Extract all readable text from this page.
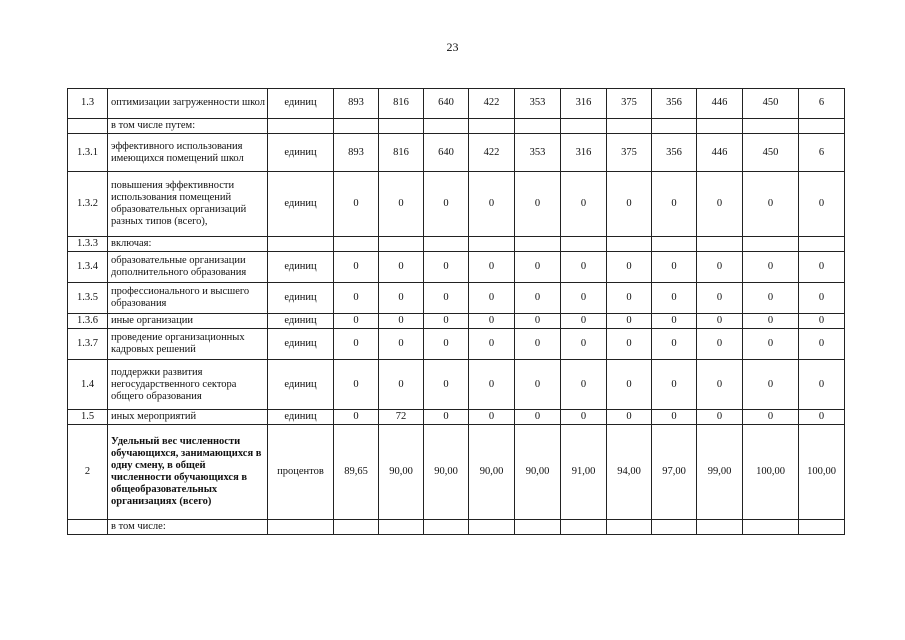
23
1.3	оптимизации загруженности школ	единиц	893	816	640	422	353	316	375	356	446	450	6
	в том числе путем:												
1.3.1	эффективного использования имеющихся помещений школ	единиц	893	816	640	422	353	316	375	356	446	450	6
1.3.2	повышения эффективности использования помещений образовательных организаций разных типов (всего),	единиц	0	0	0	0	0	0	0	0	0	0	0
1.3.3	включая:												
1.3.4	образовательные организации дополнительного образования	единиц	0	0	0	0	0	0	0	0	0	0	0
1.3.5	профессионального и высшего образования	единиц	0	0	0	0	0	0	0	0	0	0	0
1.3.6	иные организации	единиц	0	0	0	0	0	0	0	0	0	0	0
1.3.7	проведение организационных кадровых решений	единиц	0	0	0	0	0	0	0	0	0	0	0
1.4	поддержки развития негосударственного сектора общего образования	единиц	0	0	0	0	0	0	0	0	0	0	0
1.5	иных мероприятий	единиц	0	72	0	0	0	0	0	0	0	0	0
2	Удельный вес численности обучающихся, занимающихся в одну смену, в общей численности обучающихся в общеобразовательных организациях (всего)	процентов	89,65	90,00	90,00	90,00	90,00	91,00	94,00	97,00	99,00	100,00	100,00
	в том числе:												
